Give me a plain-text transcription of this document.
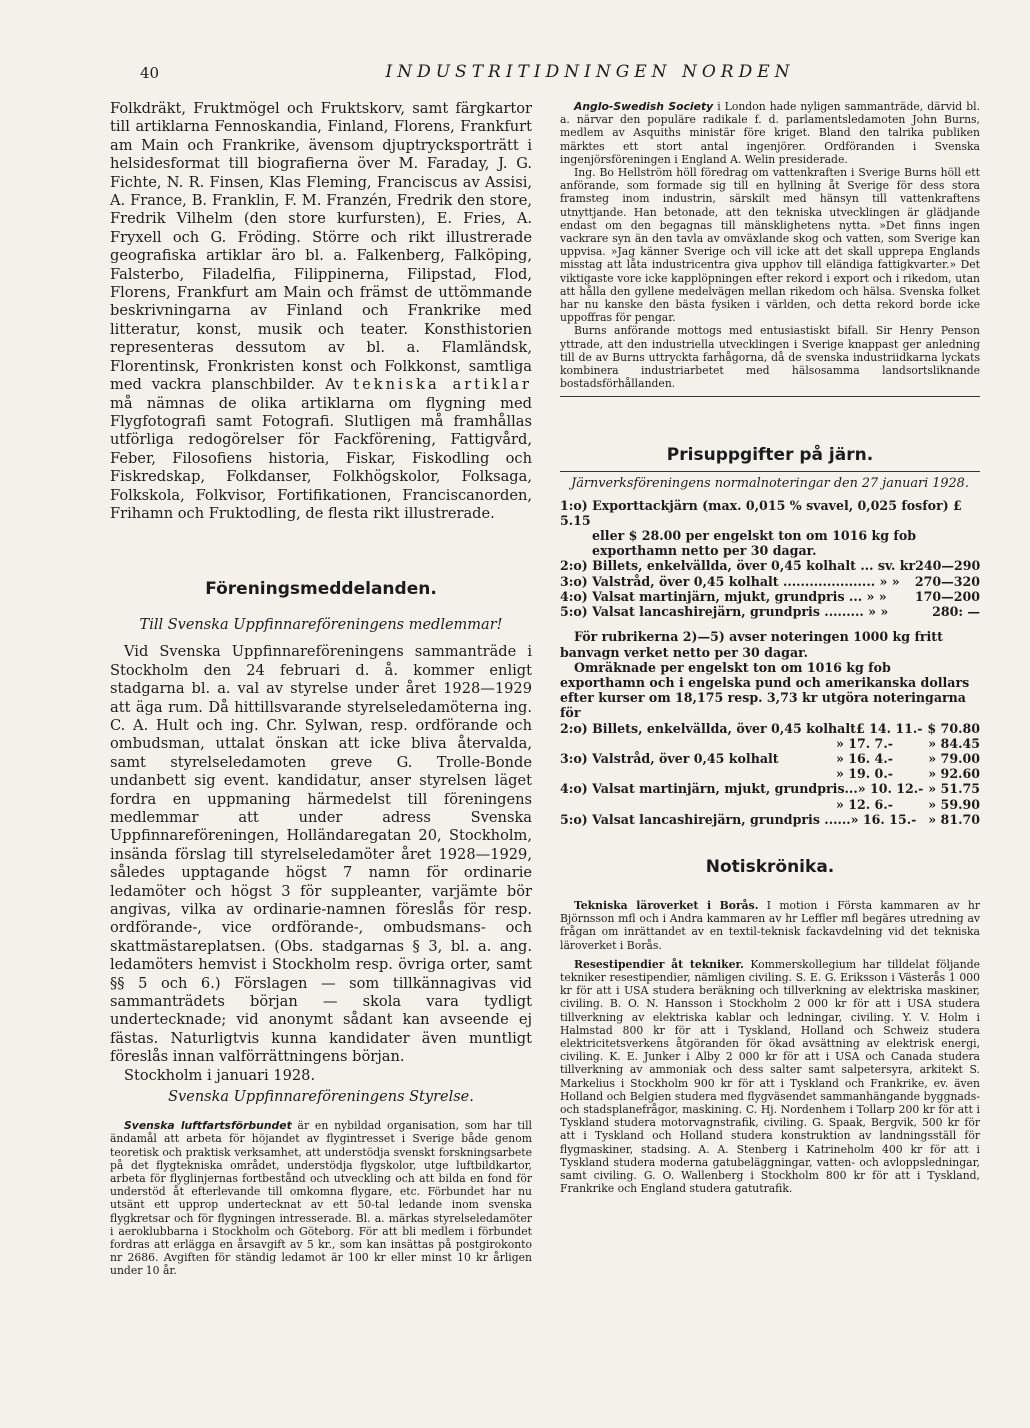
40	INDUSTRITIDNINGEN NORDEN

Folkdräkt, Fruktmögel och Fruktskorv, samt färgkartor till artiklarna Fennoskandia, Finland, Florens, Frankfurt am Main och Frankrike, ävensom djuptrycksporträtt i helsidesformat till biografierna över M. Faraday, J. G. Fichte, N. R. Finsen, Klas Fleming, Franciscus av Assisi, A. France, B. Franklin, F. M. Franzén, Fredrik den store, Fredrik Vilhelm (den store kurfursten), E. Fries, A. Fryxell och G. Fröding. Större och rikt illustrerade geografiska artiklar äro bl. a. Falkenberg, Falköping, Falsterbo, Filadelfia, Filippinerna, Filipstad, Flod, Florens, Frankfurt am Main och främst de uttömmande beskrivningarna av Finland och Frankrike med litteratur, konst, musik och teater. Konsthistorien representeras dessutom av bl. a. Flamländsk, Florentinsk, Fronkristen konst och Folkkonst, samtliga med vackra planschbilder. Av tekniska artiklar må nämnas de olika artiklarna om flygning med Flygfotografi samt Fotografi. Slutligen må framhållas utförliga redogörelser för Fackförening, Fattigvård, Feber, Filosofiens historia, Fiskar, Fiskodling och Fiskredskap, Folkdanser, Folkhögskolor, Folksaga, Folkskola, Folkvisor, Fortifikationen, Franciscanorden, Frihamn och Fruktodling, de flesta rikt illustrerade.

Föreningsmeddelanden.

Till Svenska Uppfinnareföreningens medlemmar!

Vid Svenska Uppfinnareföreningens sammanträde i Stockholm den 24 februari d. å. kommer enligt stadgarna bl. a. val av styrelse under året 1928—1929 att äga rum. Då hittillsvarande styrelseledamöterna ing. C. A. Hult och ing. Chr. Sylwan, resp. ordförande och ombudsman, uttalat önskan att icke bliva återvalda, samt styrelseledamoten greve G. Trolle-Bonde undanbett sig event. kandidatur, anser styrelsen läget fordra en uppmaning härmedelst till föreningens medlemmar att under adress Svenska Uppfinnareföreningen, Holländaregatan 20, Stockholm, insända förslag till styrelseledamöter året 1928—1929, således upptagande högst 7 namn för ordinarie ledamöter och högst 3 för suppleanter, varjämte bör angivas, vilka av ordinarie-namnen föreslås för resp. ordförande-, vice ordförande-, ombudsmans- och skattmästareplatsen. (Obs. stadgarnas § 3, bl. a. ang. ledamöters hemvist i Stockholm resp. övriga orter, samt §§ 5 och 6.) Förslagen — som tillkännagivas vid sammanträdets början — skola vara tydligt undertecknade; vid anonymt sådant kan avseende ej fästas. Naturligtvis kunna kandidater även muntligt föreslås innan valförrättningens början.

Stockholm i januari 1928.

Svenska Uppfinnareföreningens Styrelse.

Svenska luftfartsförbundet är en nybildad organisation, som har till ändamål att arbeta för höjandet av flygintresset i Sverige både genom teoretisk och praktisk verksamhet, att understödja svenskt forskningsarbete på det flygtekniska området, understödja flygskolor, utge luftbildkartor, arbeta för flyglinjernas fortbestånd och utveckling och att bilda en fond för understöd åt efterlevande till omkomna flygare, etc. Förbundet har nu utsänt ett upprop undertecknat av ett 50-tal ledande inom svenska flygkretsar och för flygningen intresserade. Bl. a. märkas styrelseledamöter i aeroklubbarna i Stockholm och Göteborg. För att bli medlem i förbundet fordras att erlägga en årsavgift av 5 kr., som kan insättas på postgirokonto nr 2686. Avgiften för ständig ledamot är 100 kr eller minst 10 kr årligen under 10 år.

Anglo-Swedish Society i London hade nyligen sammanträde, därvid bl. a. närvar den populäre radikale f. d. parlamentsledamoten John Burns, medlem av Asquiths ministär före kriget. Bland den talrika publiken märktes ett stort antal ingenjörer. Ordföranden i Svenska ingenjörsföreningen i England A. Welin presiderade.

Ing. Bo Hellström höll föredrag om vattenkraften i Sverige Burns höll ett anförande, som formade sig till en hyllning åt Sverige för dess stora framsteg inom industrin, särskilt med hänsyn till vattenkraftens utnyttjande. Han betonade, att den tekniska utvecklingen är glädjande endast om den begagnas till mänsklighetens nytta. »Det finns ingen vackrare syn än den tavla av omväxlande skog och vatten, som Sverige kan uppvisa. »Jag känner Sverige och vill icke att det skall upprepa Englands misstag att låta industricentra giva upphov till eländiga fattigkvarter.» Det viktigaste vore icke kapplöpningen efter rekord i export och i rikedom, utan att hålla den gyllene medelvägen mellan rikedom och hälsa. Svenska folket har nu kanske den bästa fysiken i världen, och detta rekord borde icke uppoffras för pengar.

Burns anförande mottogs med entusiastiskt bifall. Sir Henry Penson yttrade, att den industriella utvecklingen i Sverige knappast ger anledning till de av Burns uttryckta farhågorna, då de svenska industriidkarna lyckats kombinera industriarbetet med hälsosamma landsortsliknande bostadsförhållanden.

Prisuppgifter på järn.

Järnverksföreningens normalnoteringar den 27 januari 1928.

1:o) Exporttackjärn (max. 0,015 % svavel, 0,025 fosfor) £ 5.15

eller $ 28.00 per engelskt ton om 1016 kg fob exporthamn netto per 30 dagar.

2:o) Billets, enkelvällda, över 0,45 kolhalt ... sv. kr 240—290
3:o) Valstråd, över 0,45 kolhalt ..................... » »	270—320
4:o) Valsat martinjärn, mjukt, grundpris ... » »	170—200
5:o) Valsat lancashirejärn, grundpris ......... » »	280: —

För rubrikerna 2)—5) avser noteringen 1000 kg fritt banvagn verket netto per 30 dagar.

Omräknade per engelskt ton om 1016 kg fob exporthamn och i engelska pund och amerikanska dollars efter kurser om 18,175 resp. 3,73 kr utgöra noteringarna för

2:o) Billets, enkelvällda, över 0,45 kolhalt £ 14. 11.- $ 70.80
» 17. 7.-	» 84.45
3:o) Valstråd, över 0,45 kolhalt	» 16. 4.-	» 79.00
» 19. 0.-	» 92.60
4:o) Valsat martinjärn, mjukt, grundpris... » 10. 12.- » 51.75
» 12. 6.-	» 59.90
5:o) Valsat lancashirejärn, grundpris ...... » 16. 15.- » 81.70
Notiskrönika.

Tekniska läroverket i Borås. I motion i Första kammaren av hr Björnsson mfl och i Andra kammaren av hr Leffler mfl begäres utredning av frågan om inrättandet av en textil-teknisk fackavdelning vid det tekniska läroverket i Borås.

Resestipendier åt tekniker. Kommerskollegium har tilldelat följande tekniker resestipendier, nämligen civiling. S. E. G. Eriksson i Västerås 1 000 kr för att i USA studera beräkning och tillverkning av elektriska maskiner, civiling. B. O. N. Hansson i Stockholm 2 000 kr för att i USA studera tillverkning av elektriska kablar och ledningar, civiling. Y. V. Holm i Halmstad 800 kr för att i Tyskland, Holland och Schweiz studera elektricitetsverkens åtgöranden för ökad avsättning av elektrisk energi, civiling. K. E. Junker i Alby 2 000 kr för att i USA och Canada studera tillverkning av ammoniak och dess salter samt salpetersyra, arkitekt S. Markelius i Stockholm 900 kr för att i Tyskland och Frankrike, ev. även Holland och Belgien studera med flygväsendet sammanhängande byggnads- och stadsplanefrågor, maskining. C. Hj. Nordenhem i Tollarp 200 kr för att i Tyskland studera motorvagnstrafik, civiling. G. Spaak, Bergvik, 500 kr för att i Tyskland och Holland studera konstruktion av landningsställ för flygmaskiner, stadsing. A. A. Stenberg i Katrineholm 400 kr för att i Tyskland studera moderna gatubeläggningar, vatten- och avloppsledningar, samt civiling. G. O. Wallenberg i Stockholm 800 kr för att i Tyskland, Frankrike och England studera gatutrafik.
